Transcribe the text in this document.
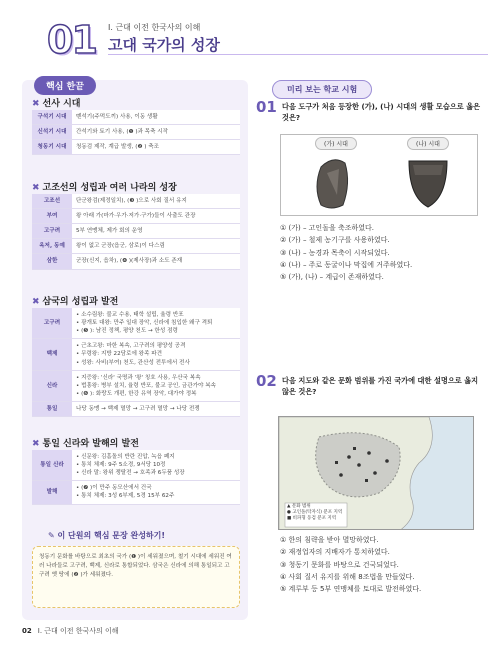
01 Ⅰ. 근대 이전 한국사의 이해
고대 국가의 성장
핵심 한끝
✖ 선사 시대
구석기 시대	뗀석기(주먹도끼) 사용, 이동 생활
신석기 시대	간석기와 토기 사용, (❶ )과 목축 시작
청동기 시대	청동검 제작, 계급 발생, (❷ ) 축조
✖ 고조선의 성립과 여러 나라의 성장
고조선	단군왕검(제정일치), (❸ )으로 사회 질서 유지
부여	왕 아래 가(마가·우가·저가·구가)들이 사출도 관장
고구려	5부 연맹체, 제가 회의 운영
옥저, 동예	왕이 없고 군장(읍군, 삼로)이 다스림
삼한	군장(신지, 읍차), (❹ )(제사장)과 소도 존재
✖ 삼국의 성립과 발전
고구려	• 소수림왕: 불교 수용, 태학 설립, 율령 반포
• 광개토 대왕: 만주 일대 장악, 신라에 침입한 왜구 격퇴
• (❺ ): 남진 정책, 평양 천도 → 한성 점령

백제	• 근초고왕: 마한 복속, 고구려의 평양성 공격
• 무령왕: 지방 22담로에 왕족 파견
• 성왕: 사비(부여) 천도, 관산성 전투에서 전사

신라	• 지증왕: '신라' 국명과 '왕' 칭호 사용, 우산국 복속
• 법흥왕: 병부 설치, 율령 반포, 불교 공인, 금관가야 복속
• (❻ ): 화랑도 개편, 한강 유역 장악, 대가야 정복

통일	나당 동맹 → 백제 멸망 → 고구려 멸망 → 나당 전쟁
✖ 통일 신라와 발해의 발전
통일 신라	• 신문왕: 김흠돌의 반란 진압, 녹읍 폐지
• 통치 체제: 9주 5소경, 9서당 10정
• 신라 말: 왕위 쟁탈전 → 호족과 6두품 성장

발해	• (❼ )이 만주 동모산에서 건국
• 통치 체제: 3성 6부제, 5경 15부 62주
✎ 이 단원의 핵심 문장 완성하기!
청동기 문화를 바탕으로 최초의 국가 (❶ )이 세워졌으며, 철기 시대에 세워진 여러 나라들로 고구려, 백제, 신라로 통합되었다. 삼국은 신라에 의해 통일되고 고구려 옛 땅에 (❷ )가 세워졌다.
02 Ⅰ. 근대 이전 한국사의 이해
미리 보는 학교 시험
01 다음 도구가 처음 등장한 (가), (나) 시대의 생활 모습으로 옳은 것은?
(가) 시대	(나) 시대
① (가) – 고인돌을 축조하였다.
② (가) – 철제 농기구를 사용하였다.
③ (나) – 농경과 목축이 시작되었다.
④ (나) – 주로 동굴이나 막집에 거주하였다.
⑤ (가), (나) – 계급이 존재하였다.
02 다음 지도와 같은 문화 범위를 가진 국가에 대한 설명으로 옳지 않은 것은?
▲ 문화 범위
● 고인돌(탁자식) 분포 지역
■ 비파형 동검 분포 지역
① 한의 침략을 받아 멸망하였다.
② 재정업자의 지배자가 통치하였다.
③ 청동기 문화를 바탕으로 건국되었다.
④ 사회 질서 유지를 위해 8조법을 만들었다.
⑤ 계루부 등 5부 연맹체를 토대로 발전하였다.
